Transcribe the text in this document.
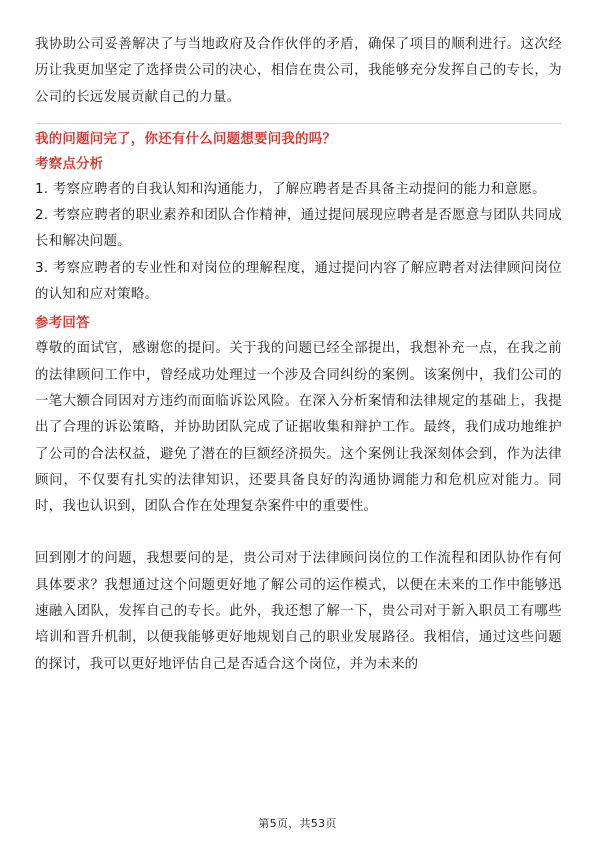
我协助公司妥善解决了与当地政府及合作伙伴的矛盾，确保了项目的顺利进行。这次经历让我更加坚定了选择贵公司的决心，相信在贵公司，我能够充分发挥自己的专长，为公司的长远发展贡献自己的力量。

我的问题问完了，你还有什么问题想要问我的吗？
考察点分析

1. 考察应聘者的自我认知和沟通能力，了解应聘者是否具备主动提问的能力和意愿。

2. 考察应聘者的职业素养和团队合作精神，通过提问展现应聘者是否愿意与团队共同成长和解决问题。

3. 考察应聘者的专业性和对岗位的理解程度，通过提问内容了解应聘者对法律顾问岗位的认知和应对策略。

参考回答

尊敬的面试官，感谢您的提问。关于我的问题已经全部提出，我想补充一点，在我之前的法律顾问工作中，曾经成功处理过一个涉及合同纠纷的案例。该案例中，我们公司的一笔大额合同因对方违约而面临诉讼风险。在深入分析案情和法律规定的基础上，我提出了合理的诉讼策略，并协助团队完成了证据收集和辩护工作。最终，我们成功地维护了公司的合法权益，避免了潜在的巨额经济损失。这个案例让我深刻体会到，作为法律顾问，不仅要有扎实的法律知识，还要具备良好的沟通协调能力和危机应对能力。同时，我也认识到，团队合作在处理复杂案件中的重要性。

回到刚才的问题，我想要问的是，贵公司对于法律顾问岗位的工作流程和团队协作有何具体要求？我想通过这个问题更好地了解公司的运作模式，以便在未来的工作中能够迅速融入团队，发挥自己的专长。此外，我还想了解一下，贵公司对于新入职员工有哪些培训和晋升机制，以便我能够更好地规划自己的职业发展路径。我相信，通过这些问题的探讨，我可以更好地评估自己是否适合这个岗位，并为未来的

第5页，共53页
